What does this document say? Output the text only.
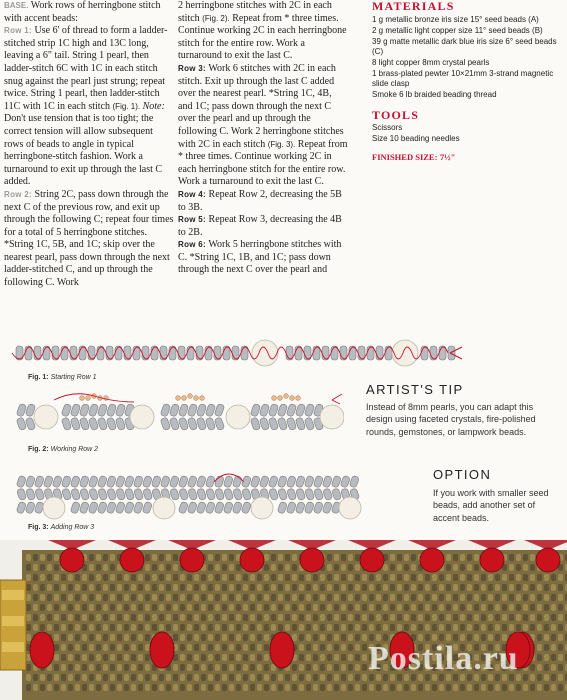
BASE. Work rows of herringbone stitch with accent beads:
Row 1: Use 6' of thread to form a ladder-stitched strip 1C high and 13C long, leaving a 6" tail. String 1 pearl, then ladder-stitch 6C with 1C in each stitch snug against the pearl just strung; repeat twice. String 1 pearl, then ladder-stitch 11C with 1C in each stitch (Fig. 1). Note: Don't use tension that is too tight; the correct tension will allow subsequent rows of beads to angle in typical herringbone-stitch fashion. Work a turnaround to exit up through the last C added.
Row 2: String 2C, pass down through the next C of the previous row, and exit up through the following C; repeat four times for a total of 5 herringbone stitches. *String 1C, 5B, and 1C; skip over the nearest pearl, pass down through the next ladder-stitched C, and up through the following C. Work
2 herringbone stitches with 2C in each stitch (Fig. 2). Repeat from * three times. Continue working 2C in each herringbone stitch for the entire row. Work a turnaround to exit the last C.
Row 3: Work 6 stitches with 2C in each stitch. Exit up through the last C added over the nearest pearl. *String 1C, 4B, and 1C; pass down through the next C over the pearl and up through the following C. Work 2 herringbone stitches with 2C in each stitch (Fig. 3). Repeat from * three times. Continue working 2C in each herringbone stitch for the entire row. Work a turnaround to exit the last C.
Row 4: Repeat Row 2, decreasing the 5B to 3B.
Row 5: Repeat Row 3, decreasing the 4B to 2B.
Row 6: Work 5 herringbone stitches with C. *String 1C, 1B, and 1C; pass down through the next C over the pearl and
MATERIALS
1 g metallic bronze iris size 15° seed beads (A)
2 g metallic light copper size 11° seed beads (B)
39 g matte metallic dark blue iris size 6° seed beads (C)
8 light copper 8mm crystal pearls
1 brass-plated pewter 10×21mm 3-strand magnetic slide clasp
Smoke 6 lb braided beading thread
TOOLS
Scissors
Size 10 beading needles
FINISHED SIZE: 7½"
Fig. 1: Starting Row 1
Fig. 2: Working Row 2
Fig. 3: Adding Row 3
ARTIST'S TIP
Instead of 8mm pearls, you can adapt this design using faceted crystals, fire-polished rounds, gemstones, or lampwork beads.
OPTION
If you work with smaller seed beads, add another set of accent beads.
Postila.ru
